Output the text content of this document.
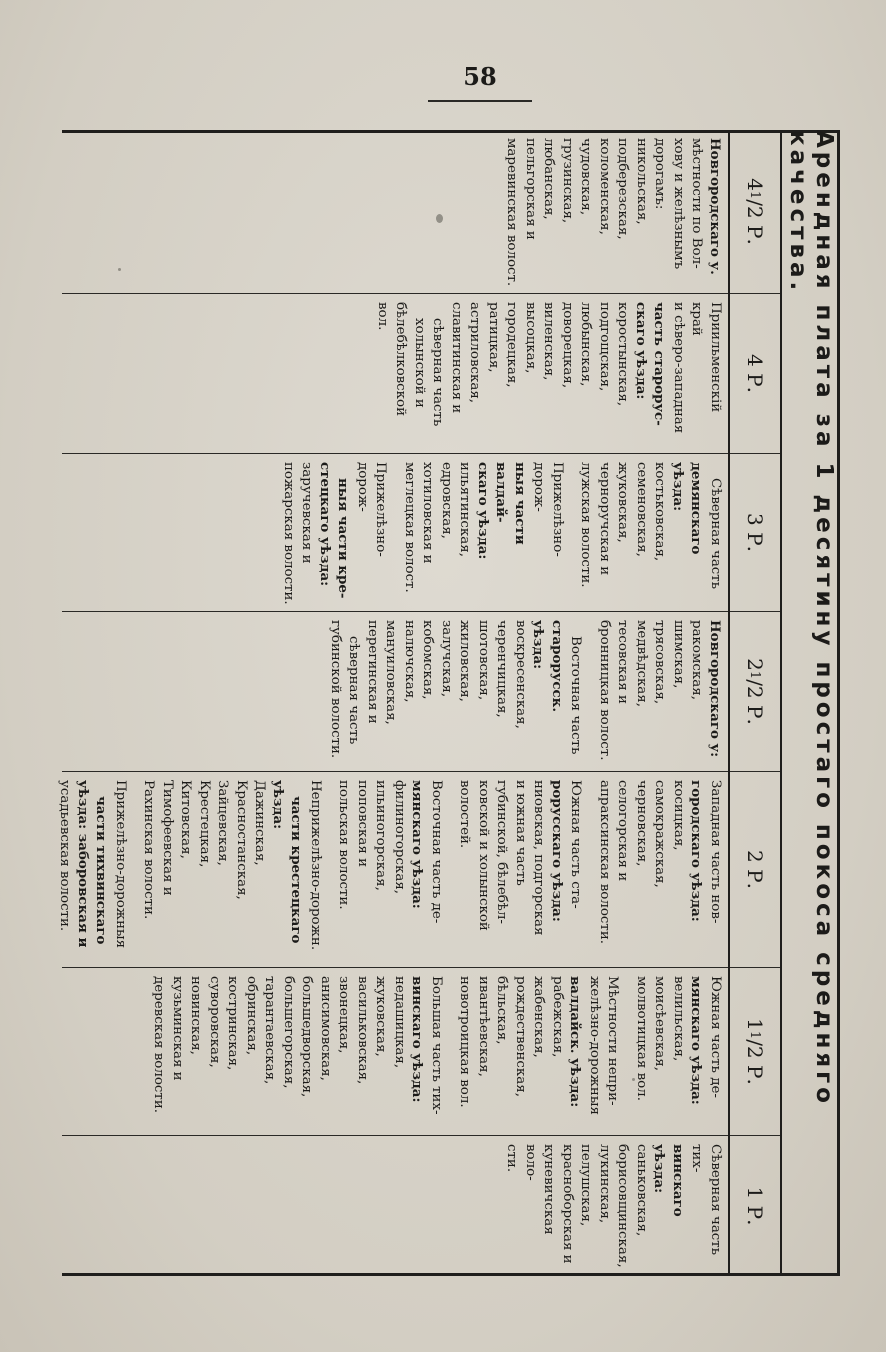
58
Арендная плата за 1 десятину простаго покоса средняго качества.
4
1
/2 Р.
4 Р.
3 Р.
2
1
/2 Р.
2 Р.
1
1
/2 Р.
1 Р.

Новгородскаго у.

мѣстности по Вол-

хову и желѣзнымъ

дорогамъ:

никольская,

подберезская,

коломенская,

чудовская,

грузинская,

любанская,

пельгорская и

маревинская волост.

Приильменскій край

и сѣверо-западная

часть старорус-

скаго уѣзда:

коростынская,

подгощская,

любынская,

доворецкая,

виленская,

высоцкая,

городецкая,

ратицкая,

астриловская,

славитинская и

сѣверная часть

холынской и

бѣлебѣлковской вол.

Сѣверная часть

демянскаго уѣзда:

костьковская,

семеновская,

жуковская,

черноручская и

лужская волости.

Прижелѣзно-дорож-

ныя части валдай-

скаго уѣзда:

ильятинская,

едровская,

хотиловская и

меглецкая волост.

Прижелѣзно-дорож-

ныя части кре-

стецкаго уѣзда:

заручевская и

пожарская волости.

Новгородскаго у:

ракомская,

шимская,

трясовская,

медвѣдская,

тесовская и

бронницкая волост.

Восточная часть

старорусск. уѣзда:

воскресенская,

черенчицкая,

шотовская,

жиловская,

залучская,

кобомская,

налючская,

мануиловская,

перегинская и

сѣверная часть

губинской волости.

Западная часть нов-

городскаго уѣзда:

косицкая,

самокражская,

черновская,

селогорская и

апраксинская волости.

Южная часть ста-

рорусскаго уѣзда:

ниовская, подгорская

и южная часть

губинской, бѣлебѣл-

ковской и холынской

волостей.

Восточная часть де-

мянскаго уѣзда:

филиногорская,

ильиногорская,

поповская и

польская волости.

Неприжелѣзно-дорожн.

части крестецкаго

уѣзда:

Дажинская,

Красностанская,

Зайцевская,

Крестецкая,

Китовская,

Тимофеевская и

Рахинская волости.

Прижелѣзно-дорожныя

части тихвинскаго

уѣзда: заборовская и

усадьевская волости.

Южная часть де-

мянскаго уѣзда:

велильская,

моисѣевская,

молвотицкая вол.

Мѣстности непри-

желѣзно-дорожныя

валдайск. уѣзда:

рабежская,

жабенская,

рождественская,

бѣльская,

ивантѣевская,

новотроицкая вол.

Большая часть тих-

винскаго уѣзда:

недашицкая,

жуковская,

васильковская,

звонецкая,

анисимовская,

большедворская,

большегорская,

тарантаевская,

обринская,

костринская,

суворовская,

новинская,

кузьминская и

деревская волости.

Сѣверная часть тих-

винскаго уѣзда:

саньковская,

борисовщинская,

лукинская,

пелушская,

красноборская и

куневичская воло-

сти.
